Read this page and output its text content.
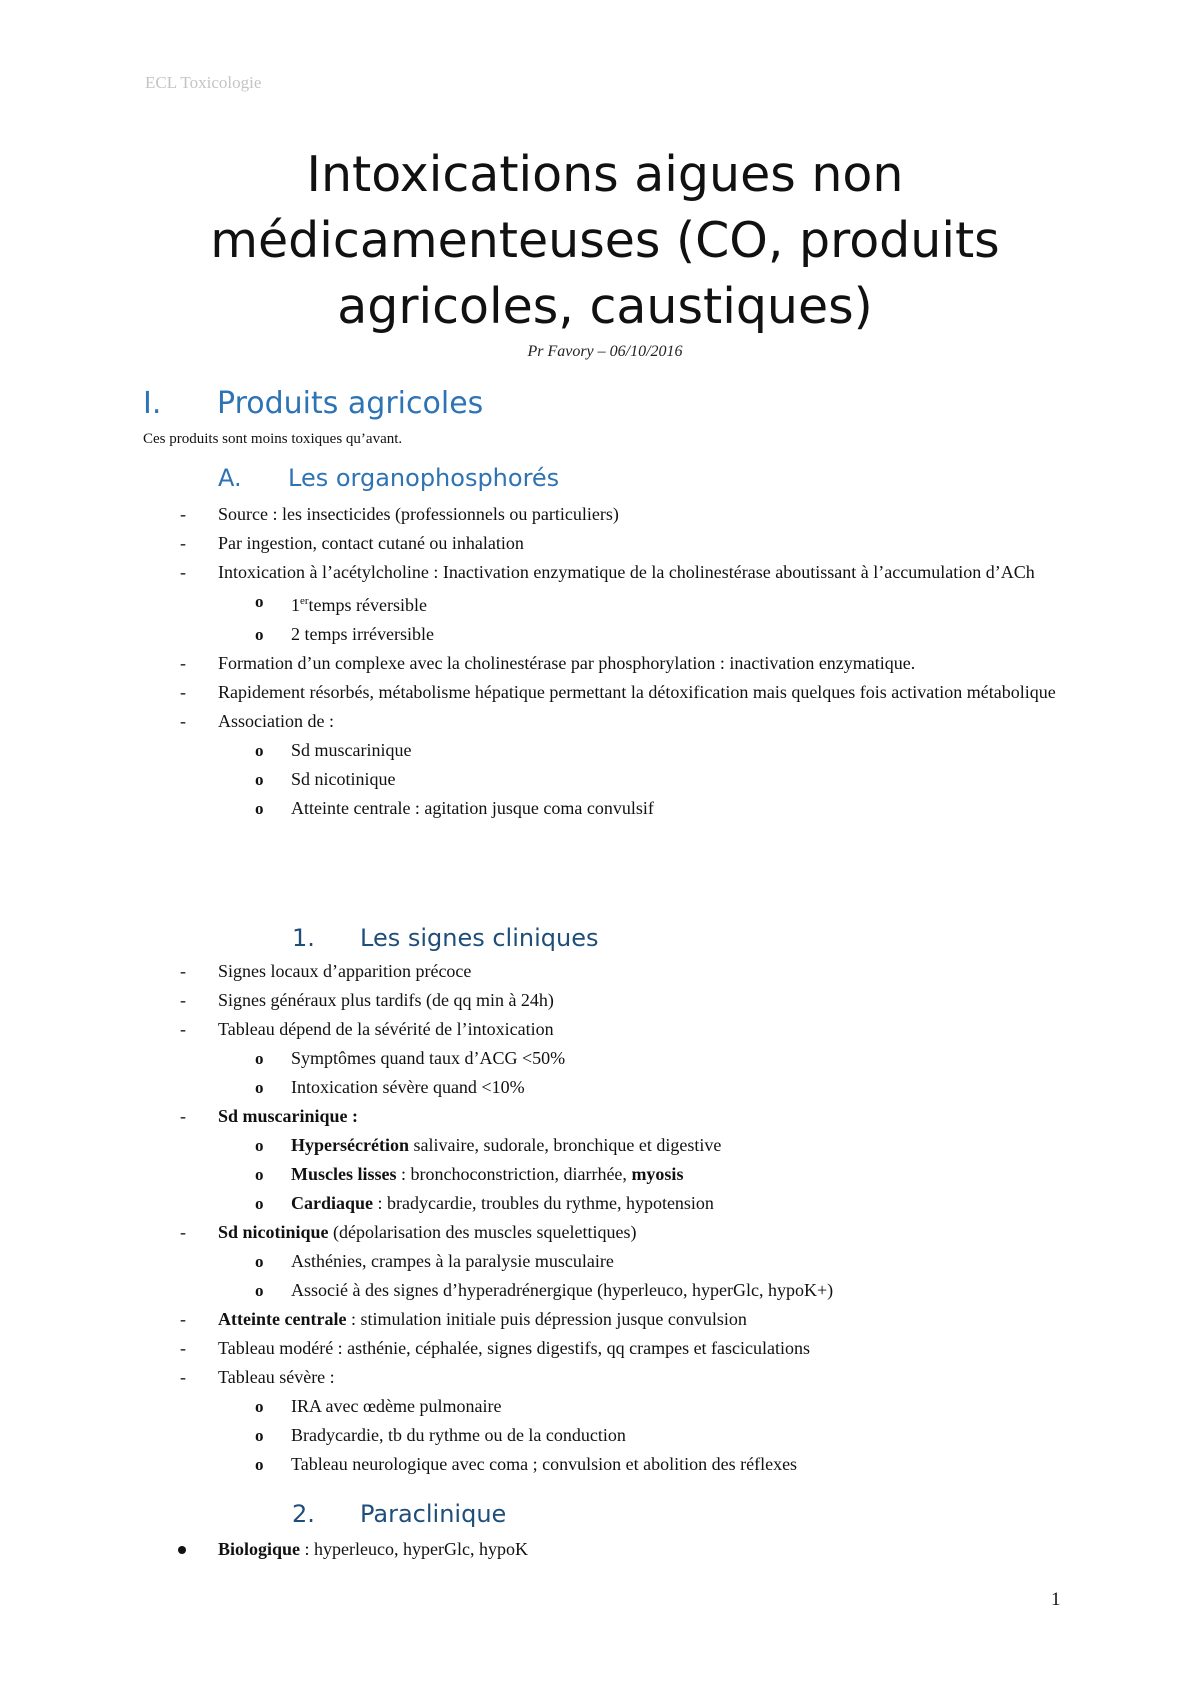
ECL Toxicologie
Intoxications aigues non
médicamenteuses (CO, produits
agricoles, caustiques)
Pr Favory – 06/10/2016
I. Produits agricoles
Ces produits sont moins toxiques qu’avant.
A. Les organophosphorés
- Source : les insecticides (professionnels ou particuliers)
- Par ingestion, contact cutané ou inhalation
- Intoxication à l’acétylcholine : Inactivation enzymatique de la cholinestérase aboutissant à l’accumulation d’ACh
o 1ertemps réversible
o 2 temps irréversible
- Formation d’un complexe avec la cholinestérase par phosphorylation : inactivation enzymatique.
- Rapidement résorbés, métabolisme hépatique permettant la détoxification mais quelques fois activation métabolique
- Association de :
o Sd muscarinique
o Sd nicotinique
o Atteinte centrale : agitation jusque coma convulsif
1. Les signes cliniques
- Signes locaux d’apparition précoce
- Signes généraux plus tardifs (de qq min à 24h)
- Tableau dépend de la sévérité de l’intoxication
o Symptômes quand taux d’ACG <50%
o Intoxication sévère quand <10%
- Sd muscarinique :
o Hypersécrétion salivaire, sudorale, bronchique et digestive
o Muscles lisses : bronchoconstriction, diarrhée, myosis
o Cardiaque : bradycardie, troubles du rythme, hypotension
- Sd nicotinique (dépolarisation des muscles squelettiques)
o Asthénies, crampes à la paralysie musculaire
o Associé à des signes d’hyperadrénergique (hyperleuco, hyperGlc, hypoK+)
- Atteinte centrale : stimulation initiale puis dépression jusque convulsion
- Tableau modéré : asthénie, céphalée, signes digestifs, qq crampes et fasciculations
- Tableau sévère :
o IRA avec œdème pulmonaire
o Bradycardie, tb du rythme ou de la conduction
o Tableau neurologique avec coma ; convulsion et abolition des réflexes
2. Paraclinique
Biologique : hyperleuco, hyperGlc, hypoK
1
